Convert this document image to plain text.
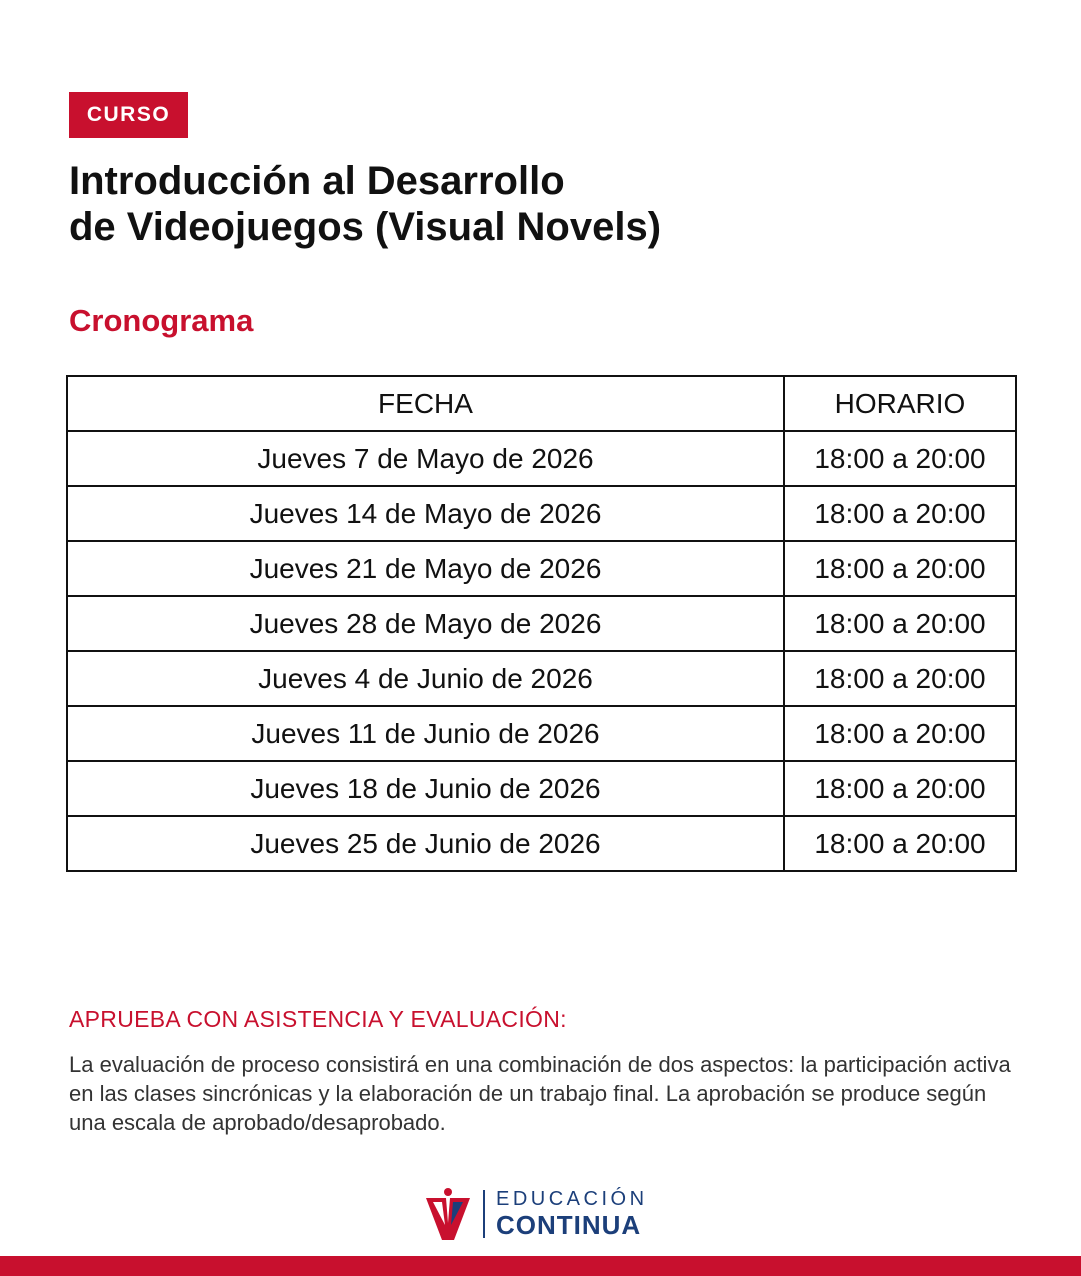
CURSO
Introducción al Desarrollo
de Videojuegos (Visual Novels)
Cronograma
FECHA	HORARIO
Jueves 7 de Mayo de 2026	18:00 a 20:00
Jueves 14 de Mayo de 2026	18:00 a 20:00
Jueves 21 de Mayo de 2026	18:00 a 20:00
Jueves 28 de Mayo de 2026	18:00 a 20:00
Jueves 4 de Junio de 2026	18:00 a 20:00
Jueves 11 de Junio de 2026	18:00 a 20:00
Jueves 18 de Junio de 2026	18:00 a 20:00
Jueves 25 de Junio de 2026	18:00 a 20:00
APRUEBA CON ASISTENCIA Y EVALUACIÓN:

La evaluación de proceso consistirá en una combinación de dos aspectos: la participación activa en las clases sincrónicas y la elaboración de un trabajo final. La aprobación se produce según una escala de aprobado/desaprobado.

EDUCACIÓN
CONTINUA
